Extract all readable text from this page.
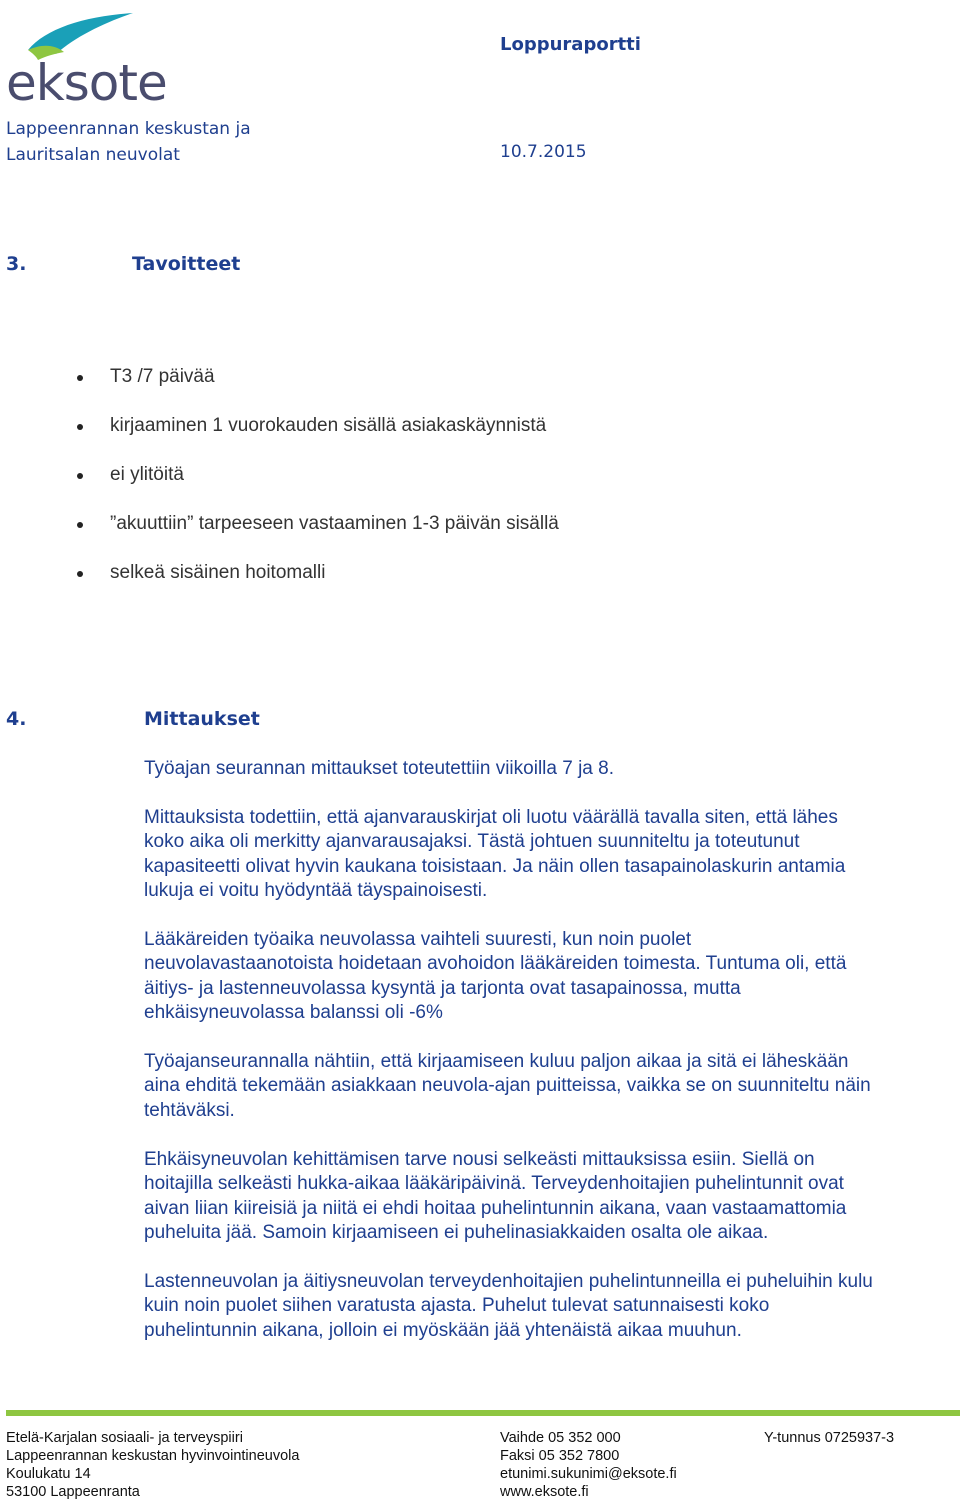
eksote
Loppuraportti
Lappeenrannan keskustan ja
Lauritsalan neuvolat	10.7.2015
3.	Tavoitteet
T3 /7 päivää
kirjaaminen 1 vuorokauden sisällä asiakaskäynnistä
ei ylitöitä
”akuuttiin” tarpeeseen vastaaminen 1-3 päivän sisällä
selkeä sisäinen hoitomalli
4.	Mittaukset
Työajan seurannan mittaukset toteutettiin viikoilla 7 ja 8.
Mittauksista todettiin, että ajanvarauskirjat oli luotu väärällä tavalla siten, että lähes
koko aika oli merkitty ajanvarausajaksi. Tästä johtuen suunniteltu ja toteutunut
kapasiteetti olivat hyvin kaukana toisistaan. Ja näin ollen tasapainolaskurin antamia
lukuja ei voitu hyödyntää täyspainoisesti.
Lääkäreiden työaika neuvolassa vaihteli suuresti, kun noin puolet
neuvolavastaanotoista hoidetaan avohoidon lääkäreiden toimesta. Tuntuma oli, että
äitiys- ja lastenneuvolassa kysyntä ja tarjonta ovat tasapainossa, mutta
ehkäisyneuvolassa balanssi oli -6%
Työajanseurannalla nähtiin, että kirjaamiseen kuluu paljon aikaa ja sitä ei läheskään
aina ehditä tekemään asiakkaan neuvola-ajan puitteissa, vaikka se on suunniteltu näin
tehtäväksi.
Ehkäisyneuvolan kehittämisen tarve nousi selkeästi mittauksissa esiin. Siellä on
hoitajilla selkeästi hukka-aikaa lääkäripäivinä. Terveydenhoitajien puhelintunnit ovat
aivan liian kiireisiä ja niitä ei ehdi hoitaa puhelintunnin aikana, vaan vastaamattomia
puheluita jää. Samoin kirjaamiseen ei puhelinasiakkaiden osalta ole aikaa.
Lastenneuvolan ja äitiysneuvolan terveydenhoitajien puhelintunneilla ei puheluihin kulu
kuin noin puolet siihen varatusta ajasta. Puhelut tulevat satunnaisesti koko
puhelintunnin aikana, jolloin ei myöskään jää yhtenäistä aikaa muuhun.
Etelä-Karjalan sosiaali- ja terveyspiiri
Lappeenrannan keskustan hyvinvointineuvola
Koulukatu 14
53100 Lappeenranta
Vaihde 05 352 000
Faksi 05 352 7800
etunimi.sukunimi@eksote.fi
www.eksote.fi
Y-tunnus 0725937-3
